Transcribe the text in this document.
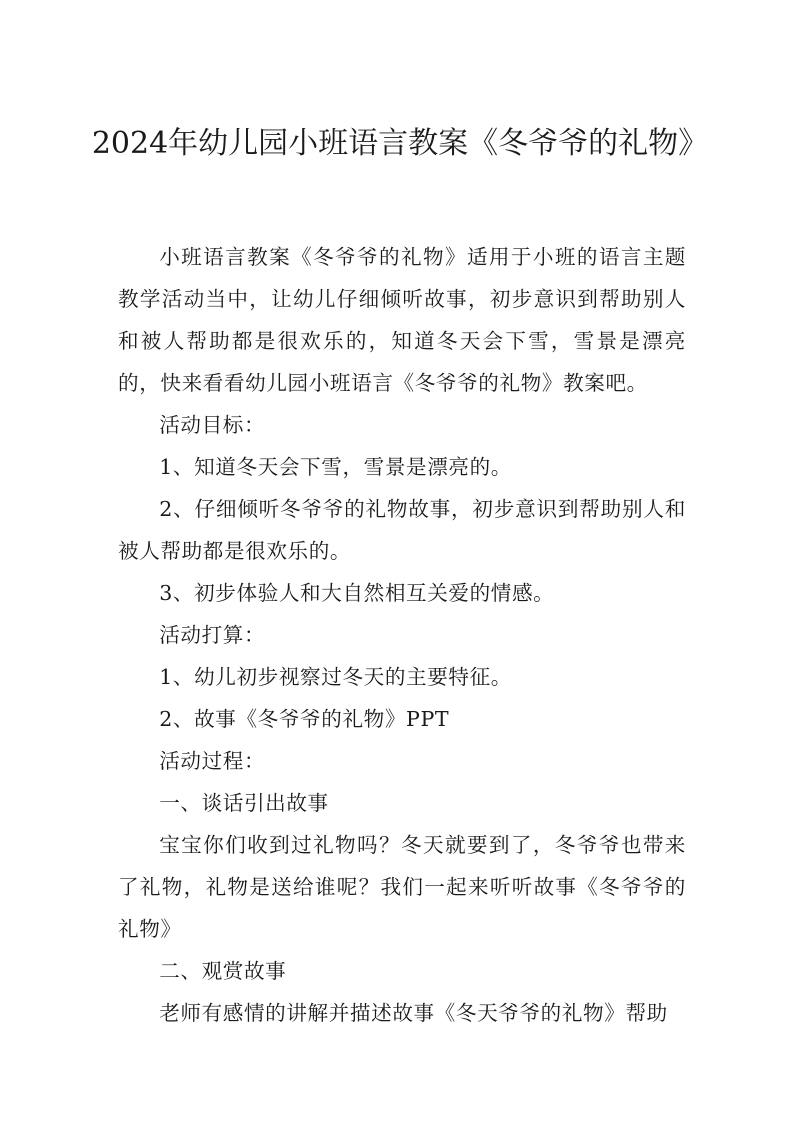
2024年幼儿园小班语言教案《冬爷爷的礼物》

小班语言教案《冬爷爷的礼物》适用于小班的语言主题教学活动当中，让幼儿仔细倾听故事，初步意识到帮助别人和被人帮助都是很欢乐的，知道冬天会下雪，雪景是漂亮的，快来看看幼儿园小班语言《冬爷爷的礼物》教案吧。

活动目标：

1、知道冬天会下雪，雪景是漂亮的。

2、仔细倾听冬爷爷的礼物故事，初步意识到帮助别人和被人帮助都是很欢乐的。

3、初步体验人和大自然相互关爱的情感。

活动打算：

1、幼儿初步视察过冬天的主要特征。

2、故事《冬爷爷的礼物》PPT

活动过程：

一、谈话引出故事

宝宝你们收到过礼物吗？冬天就要到了，冬爷爷也带来了礼物，礼物是送给谁呢？我们一起来听听故事《冬爷爷的礼物》

二、观赏故事

老师有感情的讲解并描述故事《冬天爷爷的礼物》帮助
